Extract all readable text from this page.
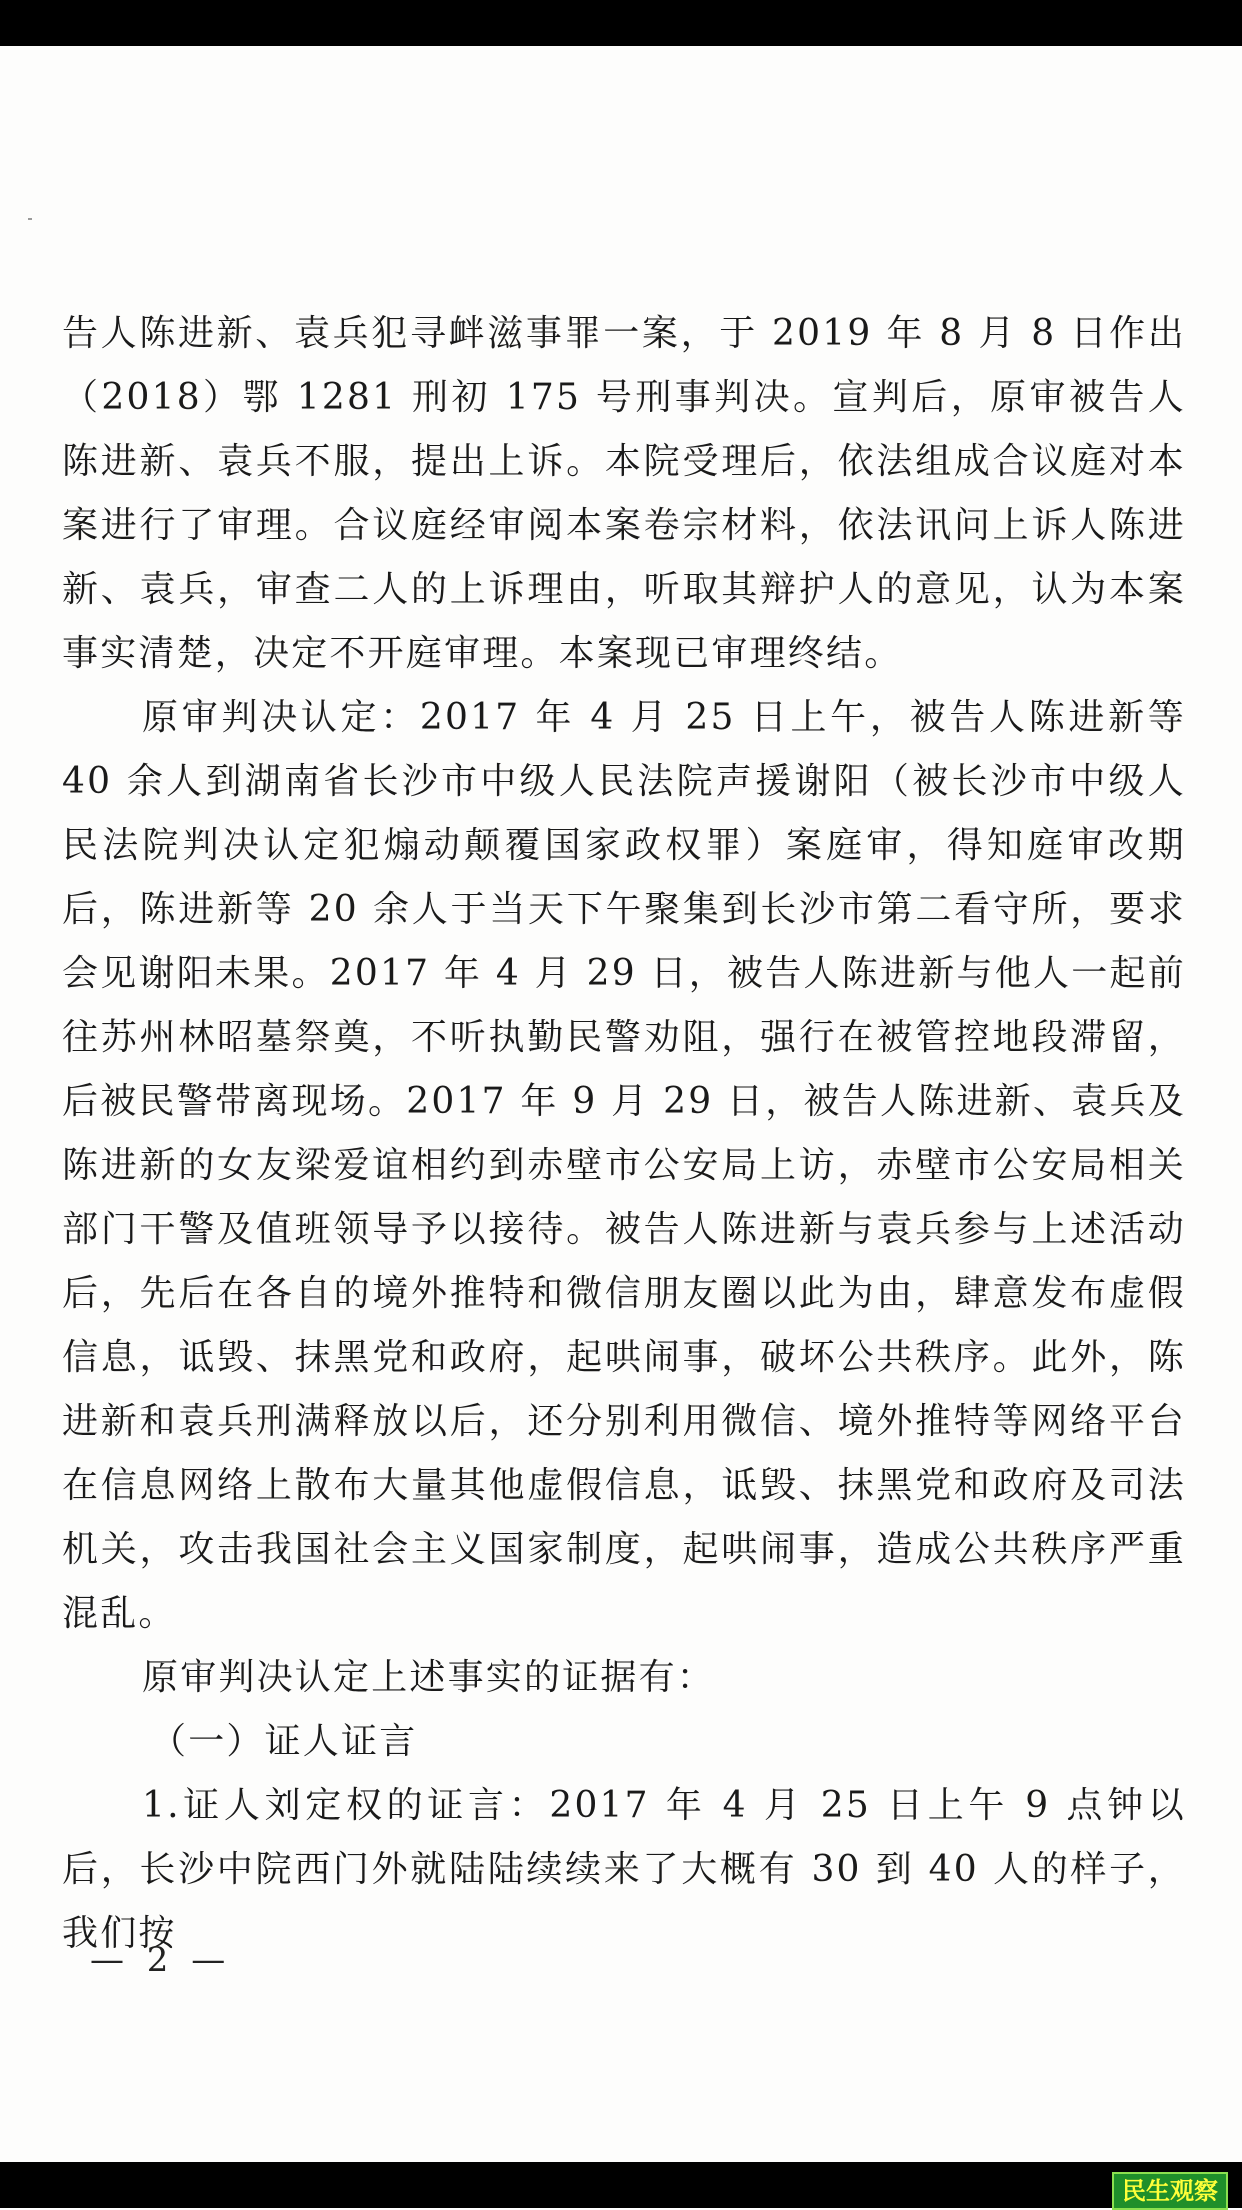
告人陈进新、袁兵犯寻衅滋事罪一案，于 2019 年 8 月 8 日作出（2018）鄂 1281 刑初 175 号刑事判决。宣判后，原审被告人陈进新、袁兵不服，提出上诉。本院受理后，依法组成合议庭对本案进行了审理。合议庭经审阅本案卷宗材料，依法讯问上诉人陈进新、袁兵，审查二人的上诉理由，听取其辩护人的意见，认为本案事实清楚，决定不开庭审理。本案现已审理终结。

原审判决认定：2017 年 4 月 25 日上午，被告人陈进新等 40 余人到湖南省长沙市中级人民法院声援谢阳（被长沙市中级人民法院判决认定犯煽动颠覆国家政权罪）案庭审，得知庭审改期后，陈进新等 20 余人于当天下午聚集到长沙市第二看守所，要求会见谢阳未果。2017 年 4 月 29 日，被告人陈进新与他人一起前往苏州林昭墓祭奠，不听执勤民警劝阻，强行在被管控地段滞留，后被民警带离现场。2017 年 9 月 29 日，被告人陈进新、袁兵及陈进新的女友梁爱谊相约到赤壁市公安局上访，赤壁市公安局相关部门干警及值班领导予以接待。被告人陈进新与袁兵参与上述活动后，先后在各自的境外推特和微信朋友圈以此为由，肆意发布虚假信息，诋毁、抹黑党和政府，起哄闹事，破坏公共秩序。此外，陈进新和袁兵刑满释放以后，还分别利用微信、境外推特等网络平台在信息网络上散布大量其他虚假信息，诋毁、抹黑党和政府及司法机关，攻击我国社会主义国家制度，起哄闹事，造成公共秩序严重混乱。

原审判决认定上述事实的证据有：

（一）证人证言

1.证人刘定权的证言：2017 年 4 月 25 日上午 9 点钟以后，长沙中院西门外就陆陆续续来了大概有 30 到 40 人的样子，我们按

— 2 —
民生观察
